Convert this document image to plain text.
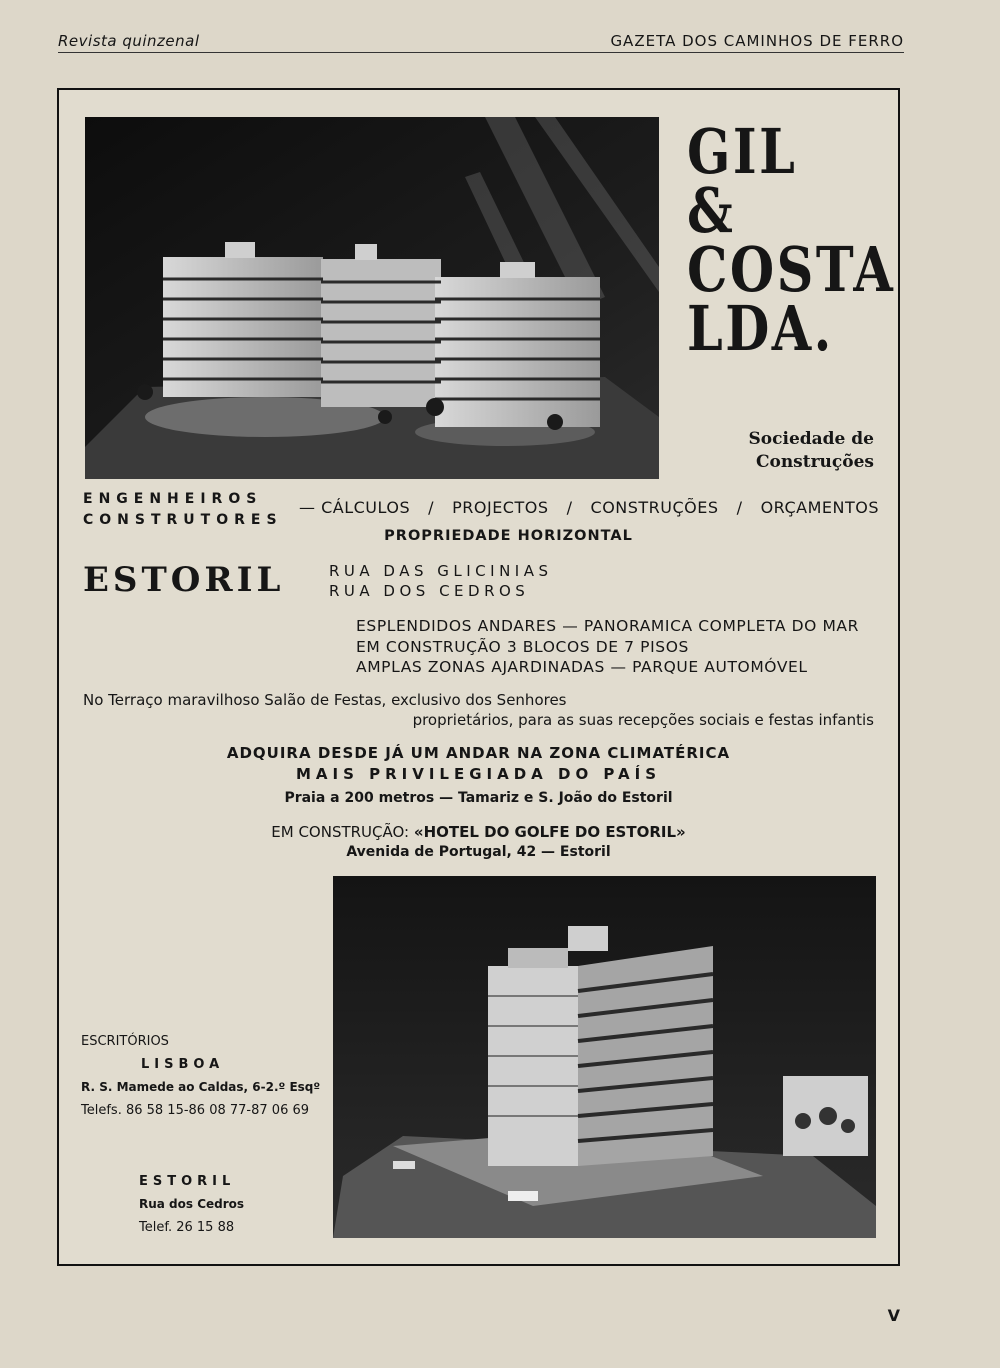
Revista quinzenal	GAZETA DOS CAMINHOS DE FERRO
GIL
&
COSTA
LDA.
Sociedade de
Construções
ENGENHEIROS
CONSTRUTORES
— CÁLCULOS / PROJECTOS / CONSTRUÇÕES / ORÇAMENTOS
PROPRIEDADE HORIZONTAL
ESTORIL	RUA DAS GLICINIAS
RUA DOS CEDROS
ESPLENDIDOS ANDARES — PANORAMICA COMPLETA DO MAR
EM CONSTRUÇÃO 3 BLOCOS DE 7 PISOS
AMPLAS ZONAS AJARDINADAS — PARQUE AUTOMÓVEL
No Terraço maravilhoso Salão de Festas, exclusivo dos Senhores
proprietários, para as suas recepções sociais e festas infantis
ADQUIRA DESDE JÁ UM ANDAR NA ZONA CLIMATÉRICA
MAIS PRIVILEGIADA DO PAÍS
Praia a 200 metros — Tamariz e S. João do Estoril
EM CONSTRUÇÃO: «HOTEL DO GOLFE DO ESTORIL»
Avenida de Portugal, 42 — Estoril
ESCRITÓRIOS
LISBOA
R. S. Mamede ao Caldas, 6-2.º Esqº
Telefs. 86 58 15-86 08 77-87 06 69
ESTORIL
Rua dos Cedros
Telef. 26 15 88
V
